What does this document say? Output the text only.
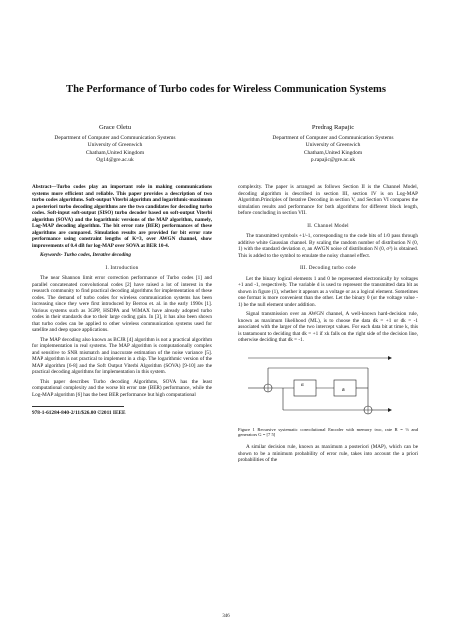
The Performance of Turbo codes for Wireless Communication Systems
Grace Oletu
Department of Computer and Communication Systems
University of Greenwich
Chatham,United Kingdom
Og14@gre.ac.uk
Predrag Rapajic
Department of Computer and Communication Systems
University of Greenwich
Chatham,United Kingdom
p.rapajic@gre.ac.uk

Abstract—Turbo codes play an important role in making communications systems more efficient and reliable. This paper provides a description of two turbo codes algorithms. Soft-output Viterbi algorithm and logarithmic-maximum a posteriori turbo decoding algorithms are the two candidates for decoding turbo codes. Soft-input soft-output (SISO) turbo decoder based on soft-output Viterbi algorithm (SOVA) and the logarithmic versions of the MAP algorithm, namely, Log-MAP decoding algorithm. The bit error rate (BER) performances of these algorithms are compared. Simulation results are provided for bit error rate performance using constraint lengths of K=3, over AWGN channel, show improvements of 0.4 dB for log-MAP over SOVA at BER 10-4.

Keywords- Turbo codes, Iterative decoding

I. Introduction

The near Shannon limit error correction performance of Turbo codes [1] and parallel concatenated convolutional codes [2] have raised a lot of interest in the research community to find practical decoding algorithms for implementation of these codes. The demand of turbo codes for wireless communication systems has been increasing since they were first introduced by Berrou et. al. in the early 1990s [1]. Various systems such as 3GPP, HSDPA and WiMAX have already adopted turbo codes in their standards due to their large coding gain. In [3], it has also been shown that turbo codes can be applied to other wireless communication systems used for satellite and deep space applications.

The MAP decoding also known as BCJR [4] algorithm is not a practical algorithm for implementation in real systems. The MAP algorithm is computationally complex and sensitive to SNR mismatch and inaccurate estimation of the noise variance [5]. MAP algorithm is not practical to implement in a chip. The logarithmic version of the MAP algorithm [6-8] and the Soft Output Viterbi Algorithm (SOVA) [9-10] are the practical decoding algorithms for implementation in this system.

This paper describes Turbo decoding Algorithms, SOVA has the least computational complexity and the worse bit error rate (BER) performance, while the Log-MAP algorithm [6] has the best BER performance but high computational

978-1-61284-840-2/11/$26.00 ©2011 IEEE

complexity. The paper is arranged as follows Section II is the Channel Model, decoding algorithm is described in section III, section IV is on Log-MAP Algorithm.Principles of Iterative Decoding in section V, and Section VI compares the simulation results and performance for both algorithms for different block length, before concluding in section VII.

II. Channel Model

The transmitted symbols +1/-1, corresponding to the code bits of 1/0 pass through additive white Gaussian channel. By scaling the random number of distribution N (0, 1) with the standard deviation σ, an AWGN noise of distribution N (0, σ²) is obtained. This is added to the symbol to emulate the noisy channel effect.

III. Decoding turbo code

Let the binary logical elements 1 and 0 be represented electronically by voltages +1 and -1, respectively. The variable d is used to represent the transmitted data bit as shown in figure (1), whether it appears as a voltage or as a logical element. Sometimes one format is more convenient than the other. Let the binary 0 (or the voltage value - 1) be the null element under addition.

Signal transmission over an AWGN channel, A well-known hard-decision rule, known as maximum likelihood (ML), is to choose the data dk = +1 or dk = -1 associated with the larger of the two intercept values. For each data bit at time k, this is tantamount to deciding that dk = +1 if xk falls on the right side of the decision line, otherwise deciding that dk = -1.

α
a
Figure 1 Recursive systematic convolutional Encoder with memory two, rate R = ⅓ and generators G = [7 5]

A similar decision rule, known as maximum a posteriori (MAP), which can be shown to be a minimum probability of error rule, takes into account the a priori probabilities of the

346
